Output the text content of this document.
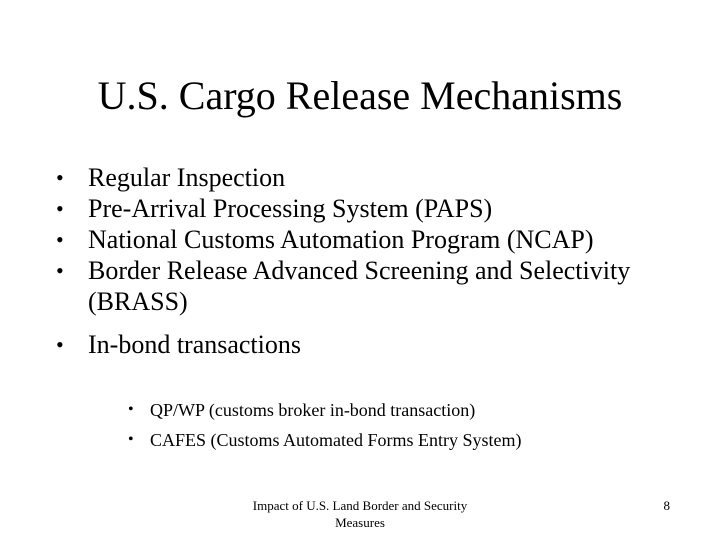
U.S. Cargo Release Mechanisms
• Regular Inspection
• Pre-Arrival Processing System (PAPS)
• National Customs Automation Program (NCAP)
• Border Release Advanced Screening and Selectivity (BRASS)
• In-bond transactions
• QP/WP (customs broker in-bond transaction)
• CAFES (Customs Automated Forms Entry System)
Impact of U.S. Land Border and Security Measures
8
